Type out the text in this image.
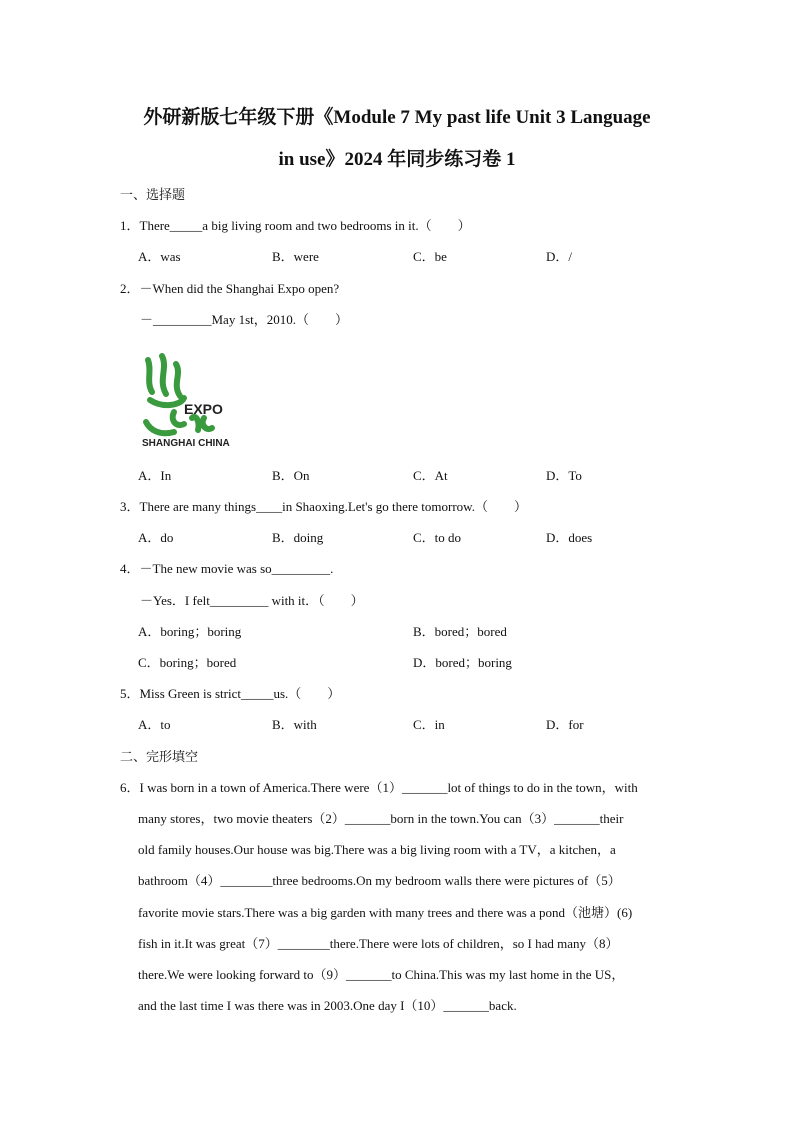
外研新版七年级下册《Module 7 My past life Unit 3 Language
in use》2024 年同步练习卷 1
一、选择题
1．There_____a big living room and two bedrooms in it.（　　）
A．was	B．were	C．be	D．/
2．－When did the Shanghai Expo open?
－_________May 1st，2010.（　　）
EXPO
SHANGHAI CHINA
A．In	B．On	C．At	D．To
3．There are many things____in Shaoxing.Let's go there tomorrow.（　　）
A．do	B．doing	C．to do	D．does
4．－The new movie was so_________.
－Yes．I felt_________ with it．（　　）
A．boring；boring	B．bored；bored
C．boring；bored	D．bored；boring
5．Miss Green is strict_____us.（　　）
A．to	B．with	C．in	D．for
二、完形填空
6．I was born in a town of America.There were（1）_______lot of things to do in the town，with
many stores，two movie theaters（2）_______born in the town.You can（3）_______their
old family houses.Our house was big.There was a big living room with a TV，a kitchen，a
bathroom（4）________three bedrooms.On my bedroom walls there were pictures of（5）
favorite movie stars.There was a big garden with many trees and there was a pond（池塘）(6)
fish in it.It was great（7）________there.There were lots of children，so I had many（8）
there.We were looking forward to（9）_______to China.This was my last home in the US，
and the last time I was there was in 2003.One day I（10）_______back.
